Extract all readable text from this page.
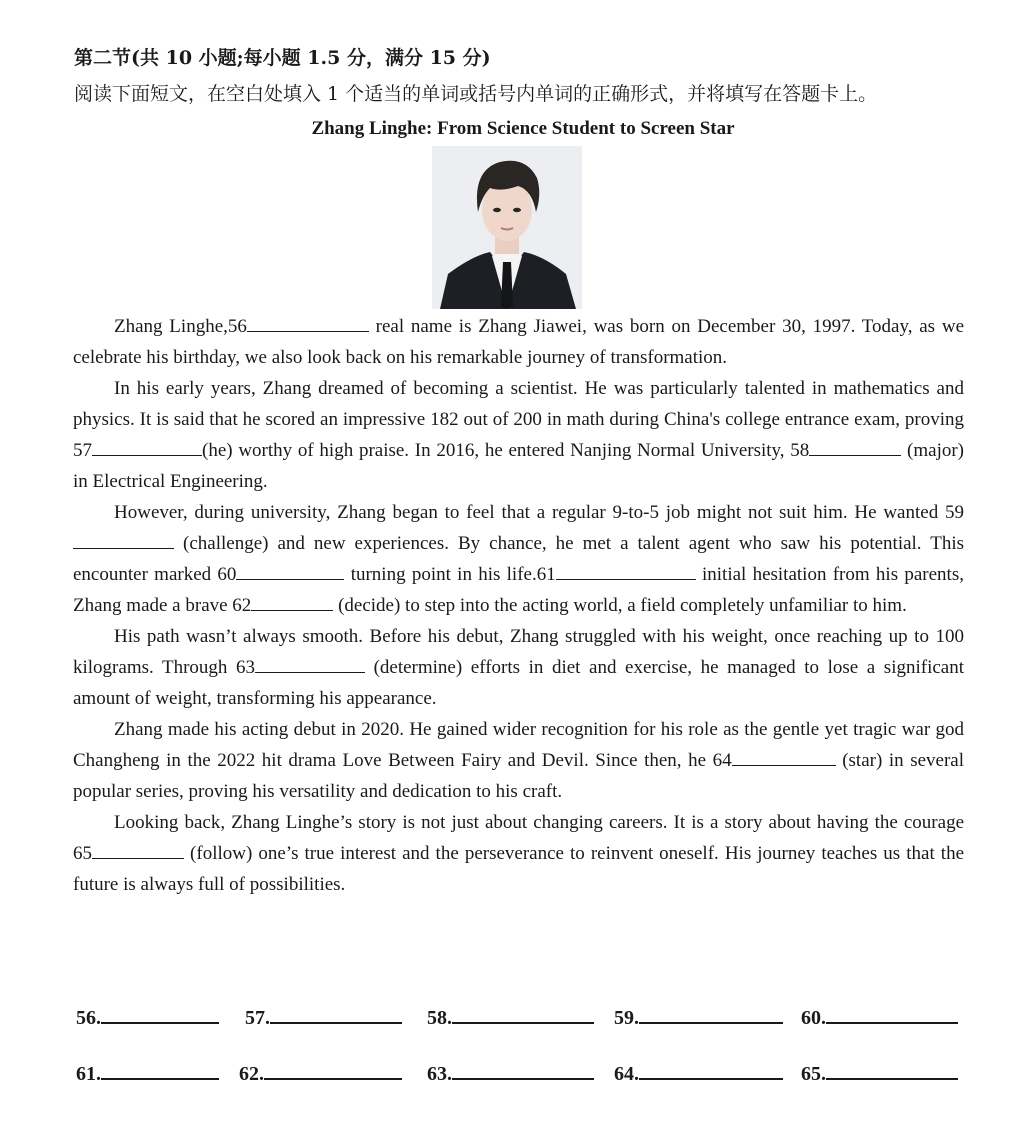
第二节(共 10 小题;每小题 1.5 分，满分 15 分)
阅读下面短文，在空白处填入 1 个适当的单词或括号内单词的正确形式，并将填写在答题卡上。
Zhang Linghe: From Science Student to Screen Star

Zhang Linghe,56	real name is Zhang Jiawei, was born on December 30, 1997. Today, as we celebrate his birthday, we also look back on his remarkable journey of transformation.

In his early years, Zhang dreamed of becoming a scientist. He was particularly talented in mathematics and physics. It is said that he scored an impressive 182 out of 200 in math during China's college entrance exam, proving 57	(he) worthy of high praise. In 2016, he entered Nanjing Normal University, 58	(major) in Electrical Engineering.

However, during university, Zhang began to feel that a regular 9-to-5 job might not suit him. He wanted 59 (challenge) and new experiences. By chance, he met a talent agent who saw his potential. This encounter marked 60	turning point in his life.61	initial hesitation from his parents, Zhang made a brave 62	(decide) to step into the acting world, a field completely unfamiliar to him.

His path wasn’t always smooth. Before his debut, Zhang struggled with his weight, once reaching up to 100 kilograms. Through 63	(determine) efforts in diet and exercise, he managed to lose a significant amount of weight, transforming his appearance.

Zhang made his acting debut in 2020. He gained wider recognition for his role as the gentle yet tragic war god Changheng in the 2022 hit drama Love Between Fairy and Devil. Since then, he 64	(star) in several popular series, proving his versatility and dedication to his craft.

Looking back, Zhang Linghe’s story is not just about changing careers. It is a story about having the courage 65	(follow) one’s true interest and the perseverance to reinvent oneself. His journey teaches us that the future is always full of possibilities.

56.	57.	58.	59.	60.
61.	62.	63.	64.	65.
